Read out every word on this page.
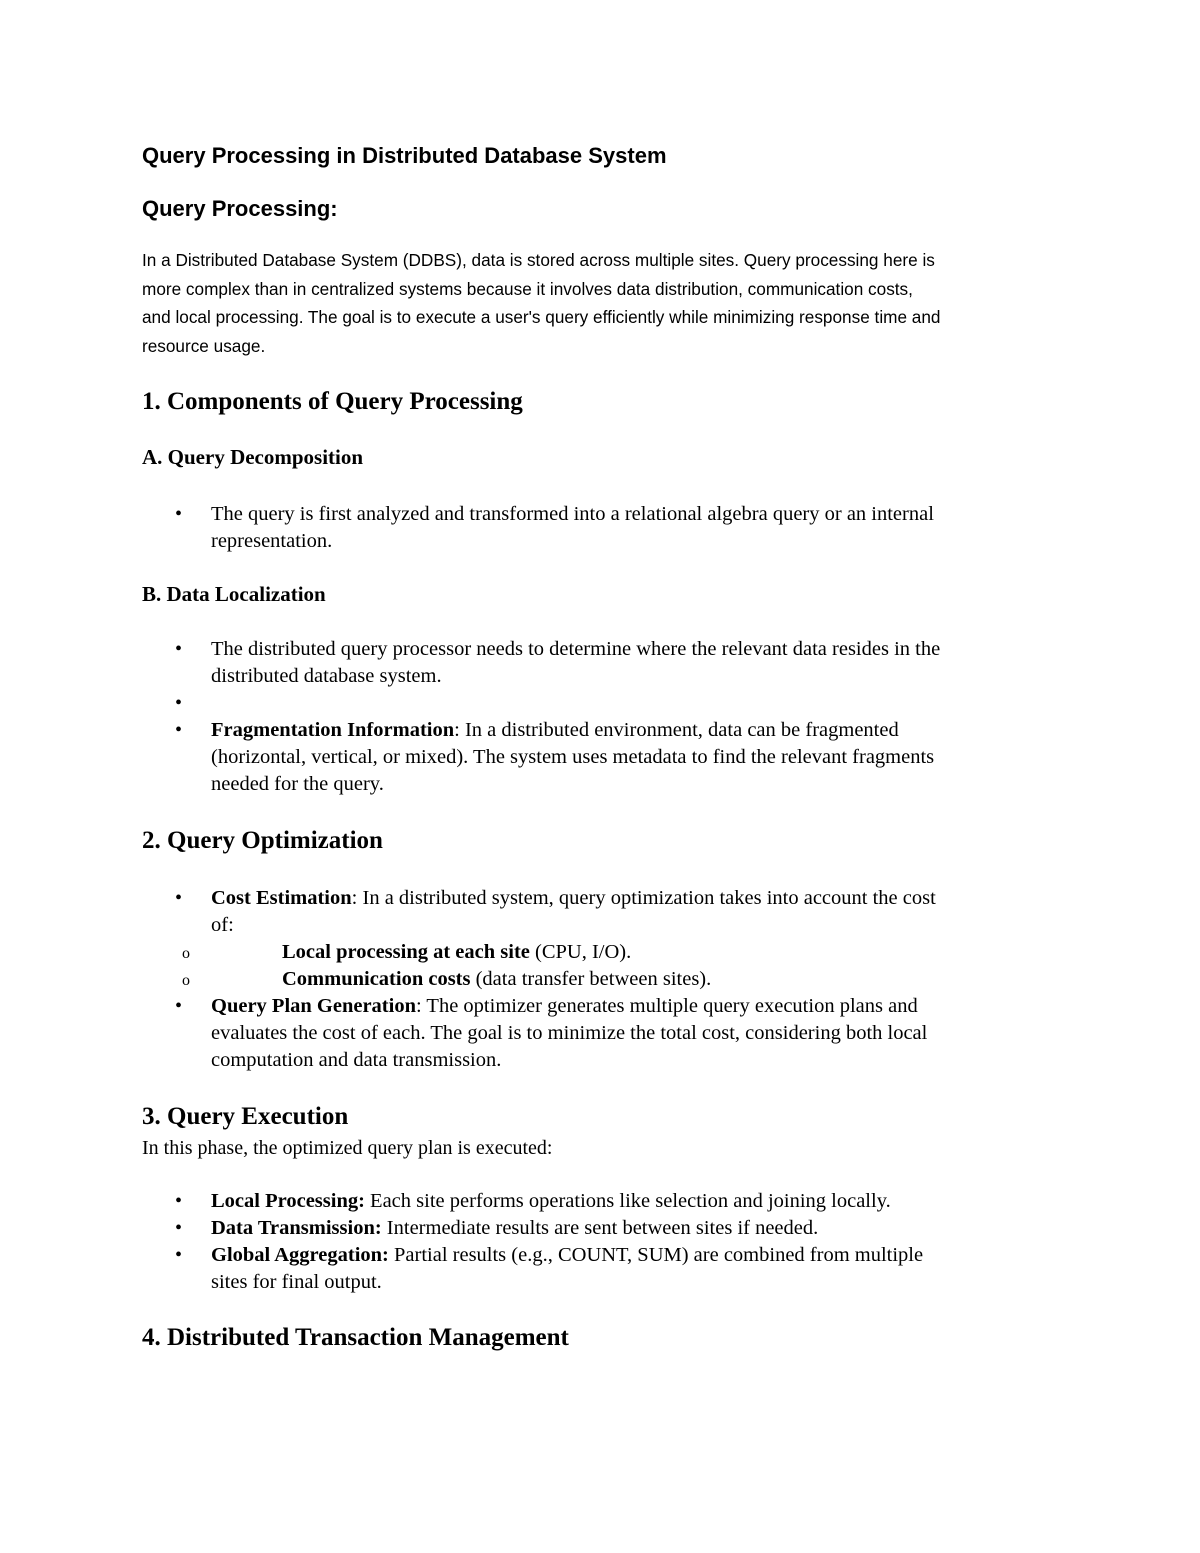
Query Processing in Distributed Database System
Query Processing:
In a Distributed Database System (DDBS), data is stored across multiple sites. Query processing here is
more complex than in centralized systems because it involves data distribution, communication costs,
and local processing. The goal is to execute a user's query efficiently while minimizing response time and
resource usage.
1. Components of Query Processing
A. Query Decomposition
• The query is first analyzed and transformed into a relational algebra query or an internal
representation.
B. Data Localization
• The distributed query processor needs to determine where the relevant data resides in the
distributed database system.
•
• Fragmentation Information: In a distributed environment, data can be fragmented
(horizontal, vertical, or mixed). The system uses metadata to find the relevant fragments
needed for the query.
2. Query Optimization
• Cost Estimation: In a distributed system, query optimization takes into account the cost
of:
o	Local processing at each site (CPU, I/O).
o	Communication costs (data transfer between sites).
• Query Plan Generation: The optimizer generates multiple query execution plans and
evaluates the cost of each. The goal is to minimize the total cost, considering both local
computation and data transmission.
3. Query Execution

In this phase, the optimized query plan is executed:

• Local Processing: Each site performs operations like selection and joining locally.
• Data Transmission: Intermediate results are sent between sites if needed.
• Global Aggregation: Partial results (e.g., COUNT, SUM) are combined from multiple
sites for final output.
4. Distributed Transaction Management
